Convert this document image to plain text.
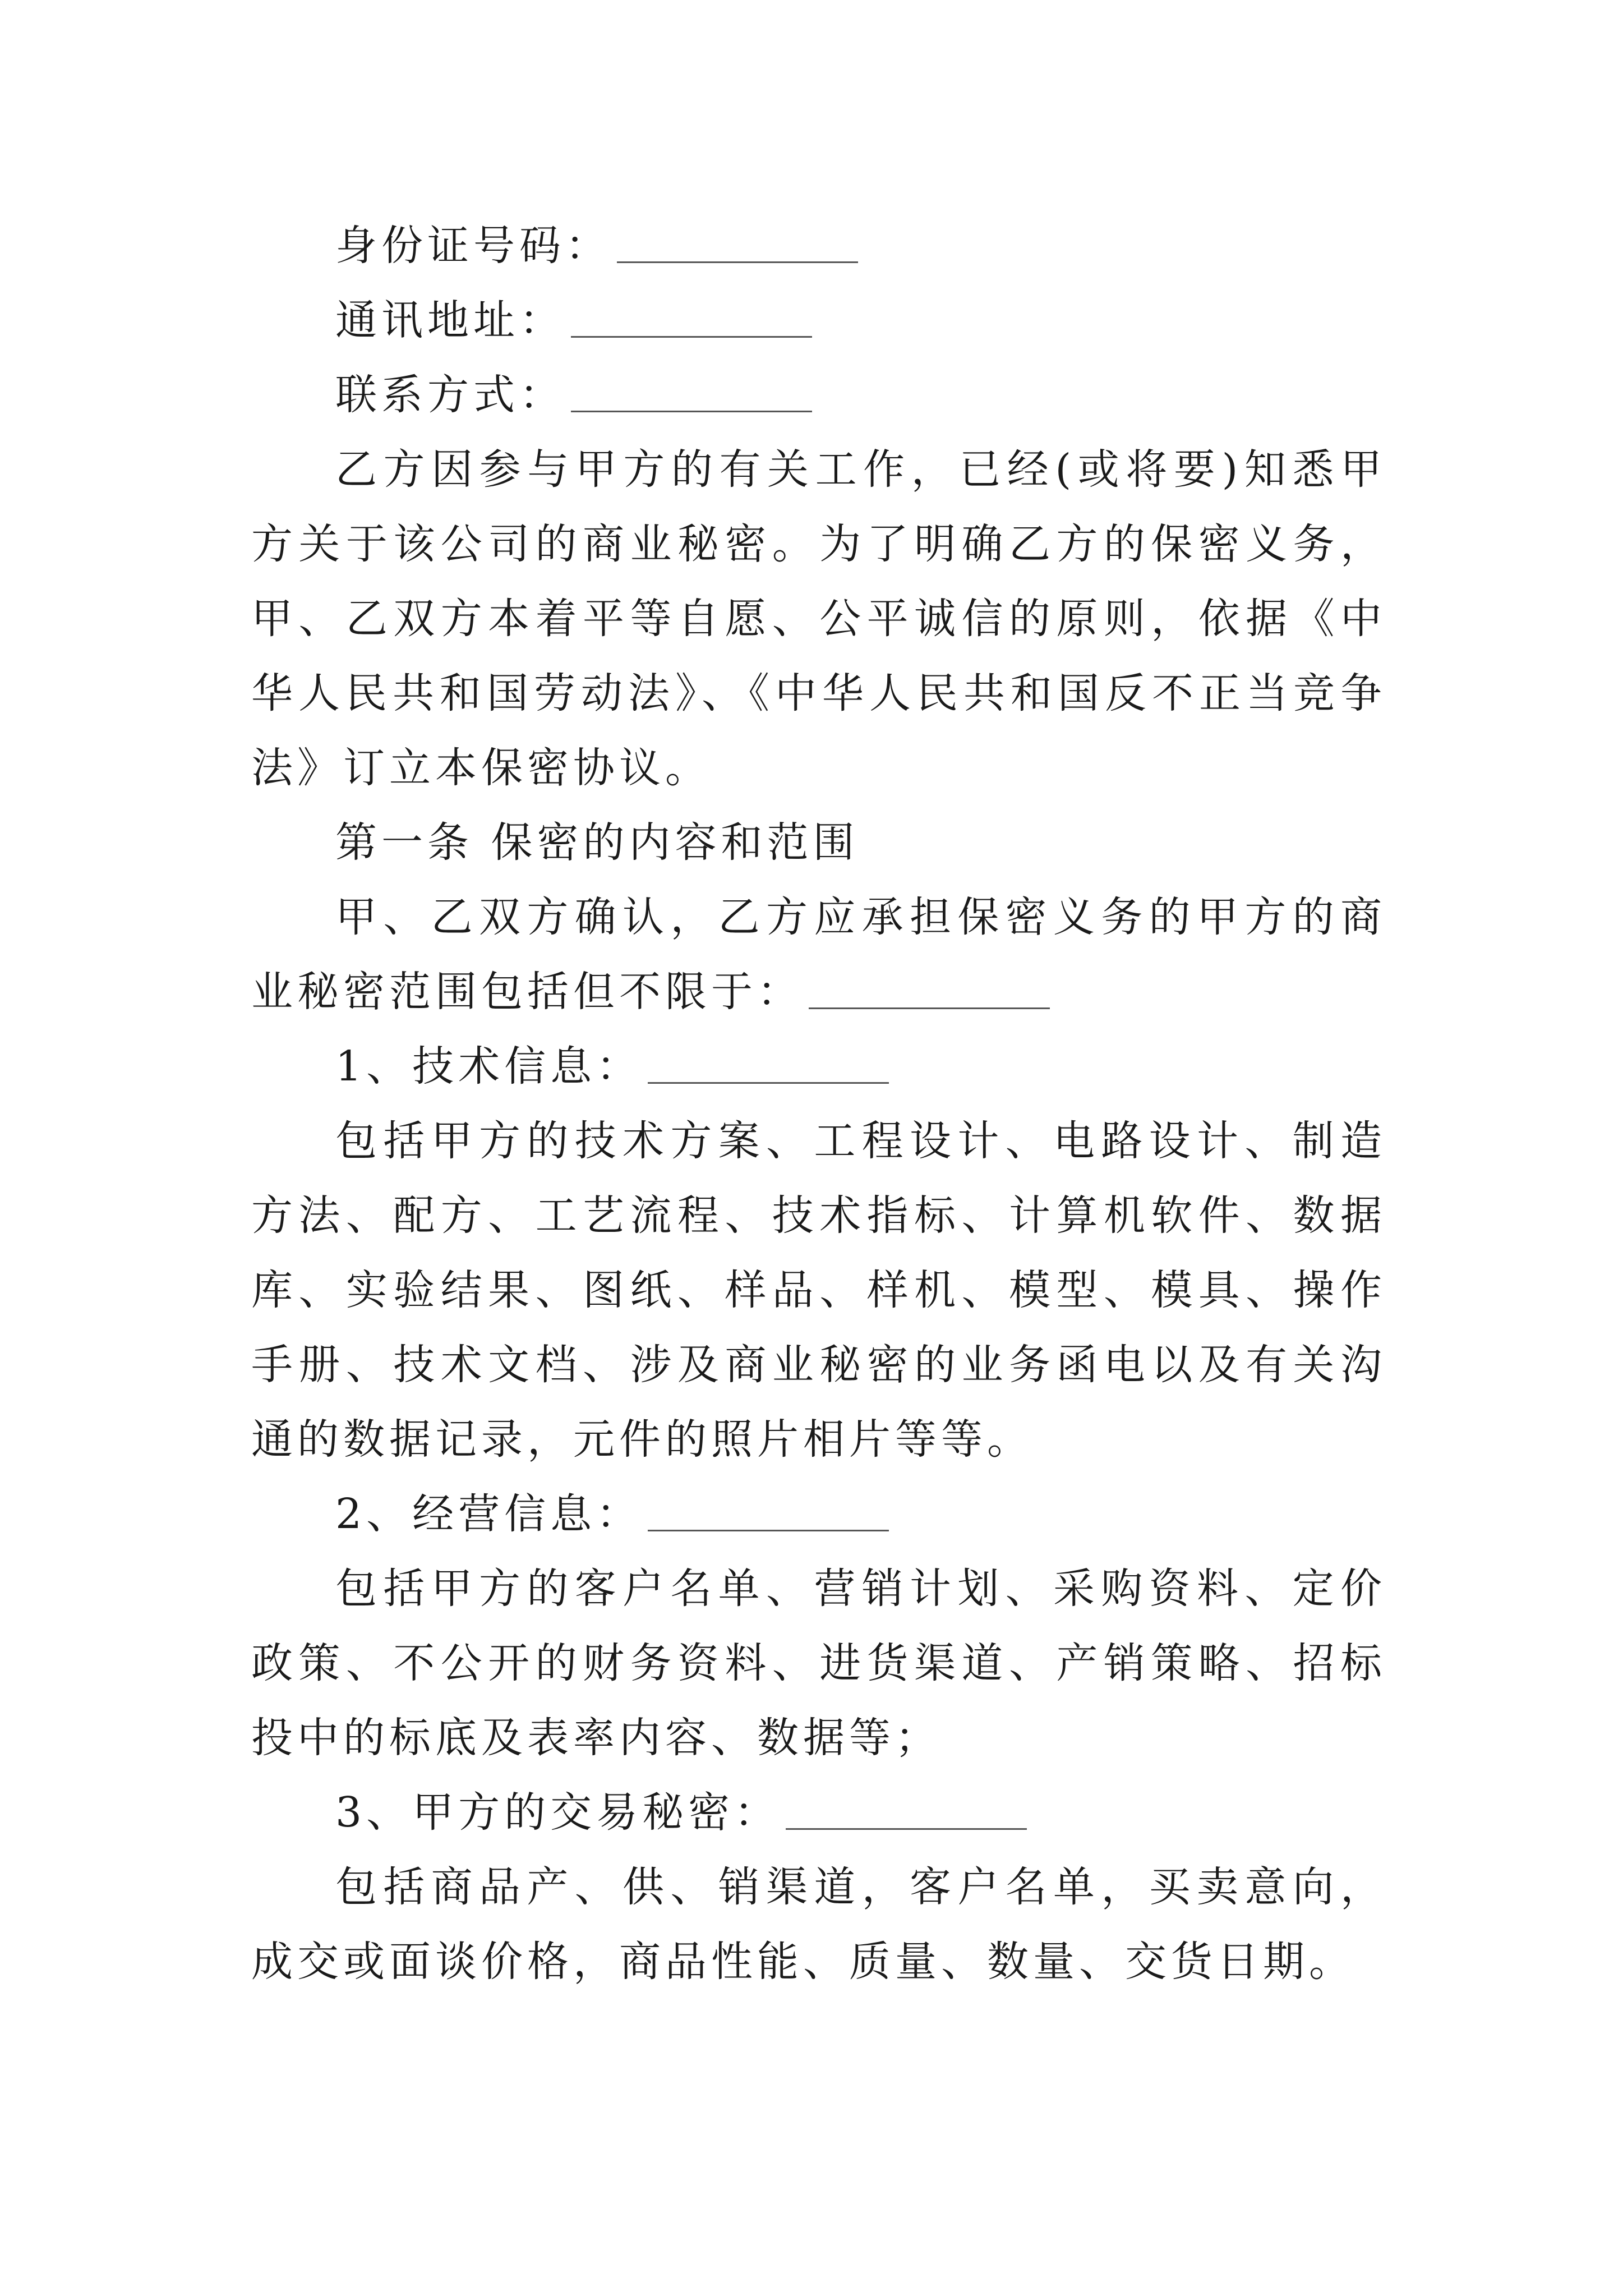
身份证号码：
通讯地址：
联系方式：

乙方因参与甲方的有关工作，已经(或将要)知悉甲方关于该公司的商业秘密。为了明确乙方的保密义务，甲、乙双方本着平等自愿、公平诚信的原则，依据《中华人民共和国劳动法》、《中华人民共和国反不正当竞争法》订立本保密协议。

第一条 保密的内容和范围

甲、乙双方确认，乙方应承担保密义务的甲方的商业秘密范围包括但不限于：

1、技术信息：

包括甲方的技术方案、工程设计、电路设计、制造方法、配方、工艺流程、技术指标、计算机软件、数据库、实验结果、图纸、样品、样机、模型、模具、操作手册、技术文档、涉及商业秘密的业务函电以及有关沟通的数据记录，元件的照片相片等等。

2、经营信息：

包括甲方的客户名单、营销计划、采购资料、定价政策、不公开的财务资料、进货渠道、产销策略、招标投中的标底及表率内容、数据等；

3、甲方的交易秘密：

包括商品产、供、销渠道，客户名单，买卖意向，成交或面谈价格，商品性能、质量、数量、交货日期。
